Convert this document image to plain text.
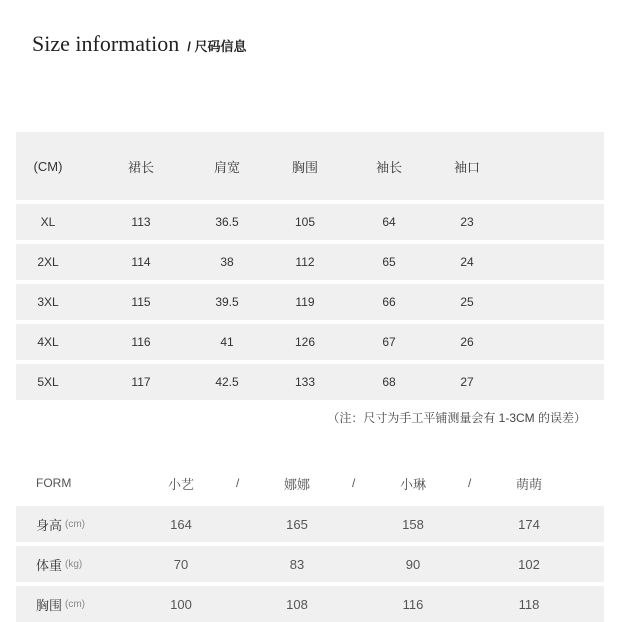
Size information / 尺码信息
(CM)	裙长	肩宽	胸围	袖长	袖口
XL	113	36.5	105	64	23
2XL	114	38	112	65	24
3XL	115	39.5	119	66	25
4XL	116	41	126	67	26
5XL	117	42.5	133	68	27
（注：尺寸为手工平铺测量会有 1-3CM 的误差）
FORM	小艺	/	娜娜	/	小琳	/	萌萌
身高 (cm)	164	165	158	174
体重 (kg)	70	83	90	102
胸围 (cm)	100	108	116	118
